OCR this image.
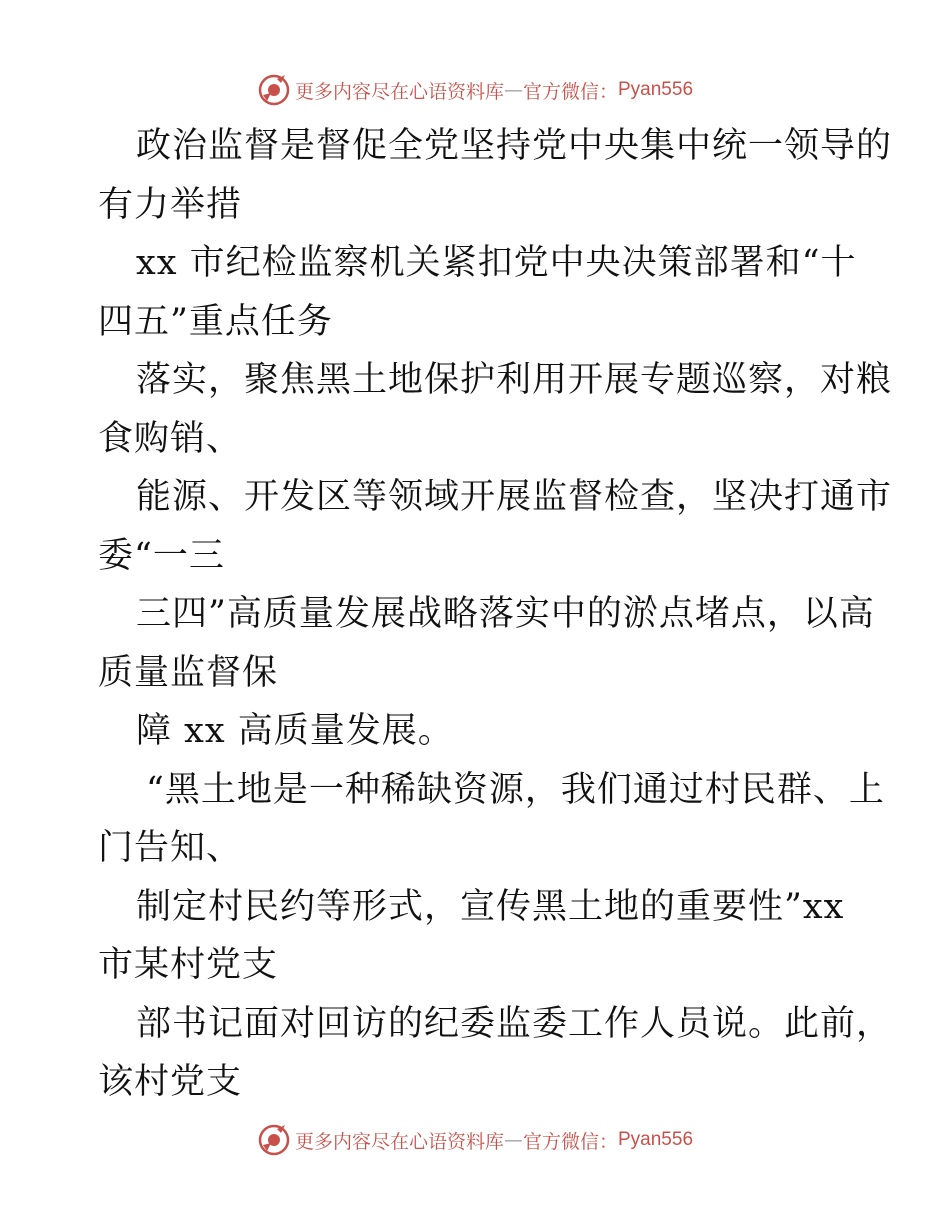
更多内容尽在心语资料库 — 官方微信： Pyan556
政治监督是督促全党坚持党中央集中统一领导的
有力举措
xx 市纪检监察机关紧扣党中央决策部署和“十
四五”重点任务
落实，聚焦黑土地保护利用开展专题巡察，对粮
食购销、
能源、开发区等领域开展监督检查，坚决打通市
委“一三
三四”高质量发展战略落实中的淤点堵点，以高
质量监督保
障 xx 高质量发展。
“黑土地是一种稀缺资源，我们通过村民群、上
门告知、
制定村民约等形式，宣传黑土地的重要性”xx
市某村党支
部书记面对回访的纪委监委工作人员说。此前，
该村党支
更多内容尽在心语资料库 — 官方微信： Pyan556
